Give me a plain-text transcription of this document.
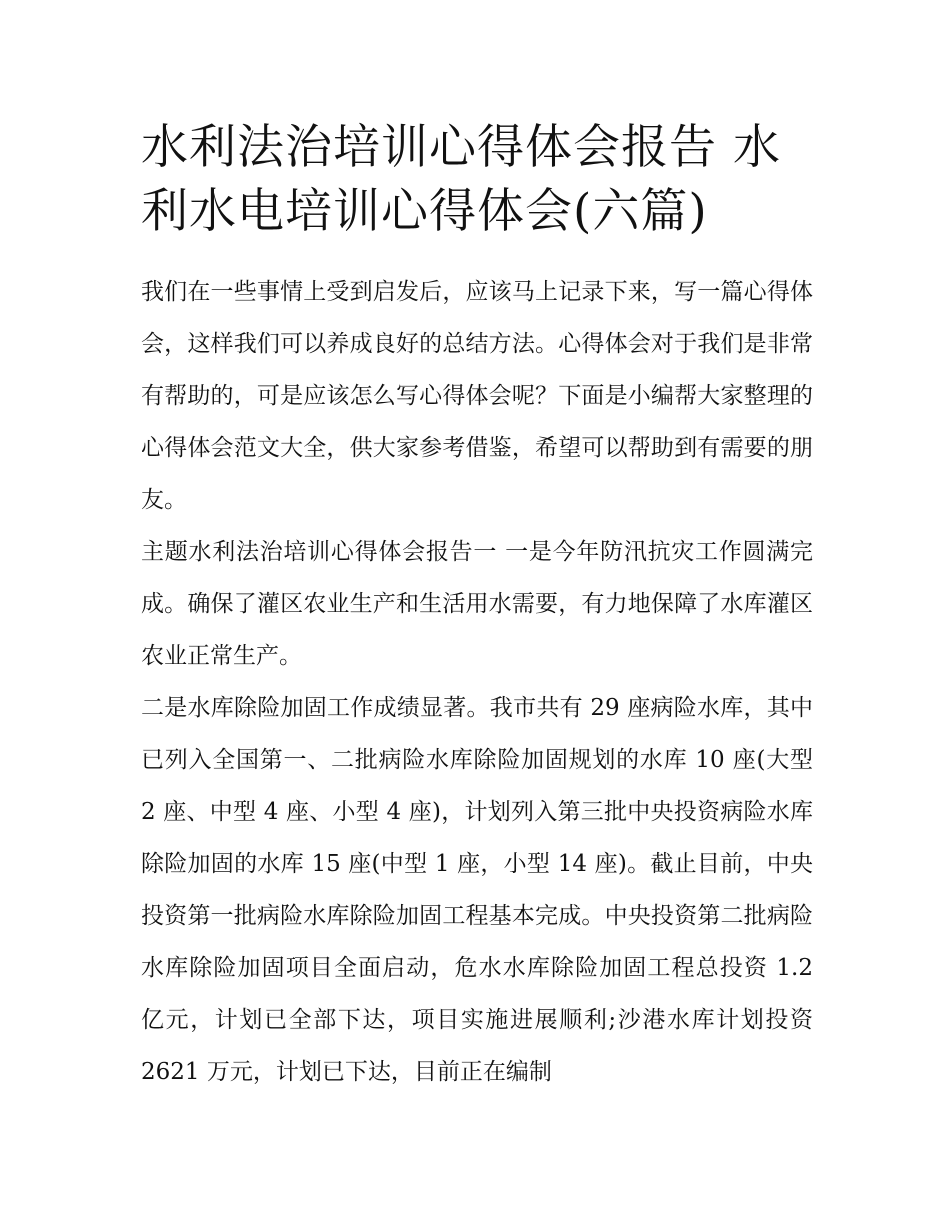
水利法治培训心得体会报告 水利水电培训心得体会(六篇)

我们在一些事情上受到启发后，应该马上记录下来，写一篇心得体会，这样我们可以养成良好的总结方法。心得体会对于我们是非常有帮助的，可是应该怎么写心得体会呢？下面是小编帮大家整理的心得体会范文大全，供大家参考借鉴，希望可以帮助到有需要的朋友。

主题水利法治培训心得体会报告一 一是今年防汛抗灾工作圆满完成。确保了灌区农业生产和生活用水需要，有力地保障了水库灌区农业正常生产。

二是水库除险加固工作成绩显著。我市共有 29 座病险水库，其中已列入全国第一、二批病险水库除险加固规划的水库 10 座(大型 2 座、中型 4 座、小型 4 座)，计划列入第三批中央投资病险水库除险加固的水库 15 座(中型 1 座，小型 14 座)。截止目前，中央投资第一批病险水库除险加固工程基本完成。中央投资第二批病险水库除险加固项目全面启动，危水水库除险加固工程总投资 1.2 亿元，计划已全部下达，项目实施进展顺利;沙港水库计划投资 2621 万元，计划已下达，目前正在编制
